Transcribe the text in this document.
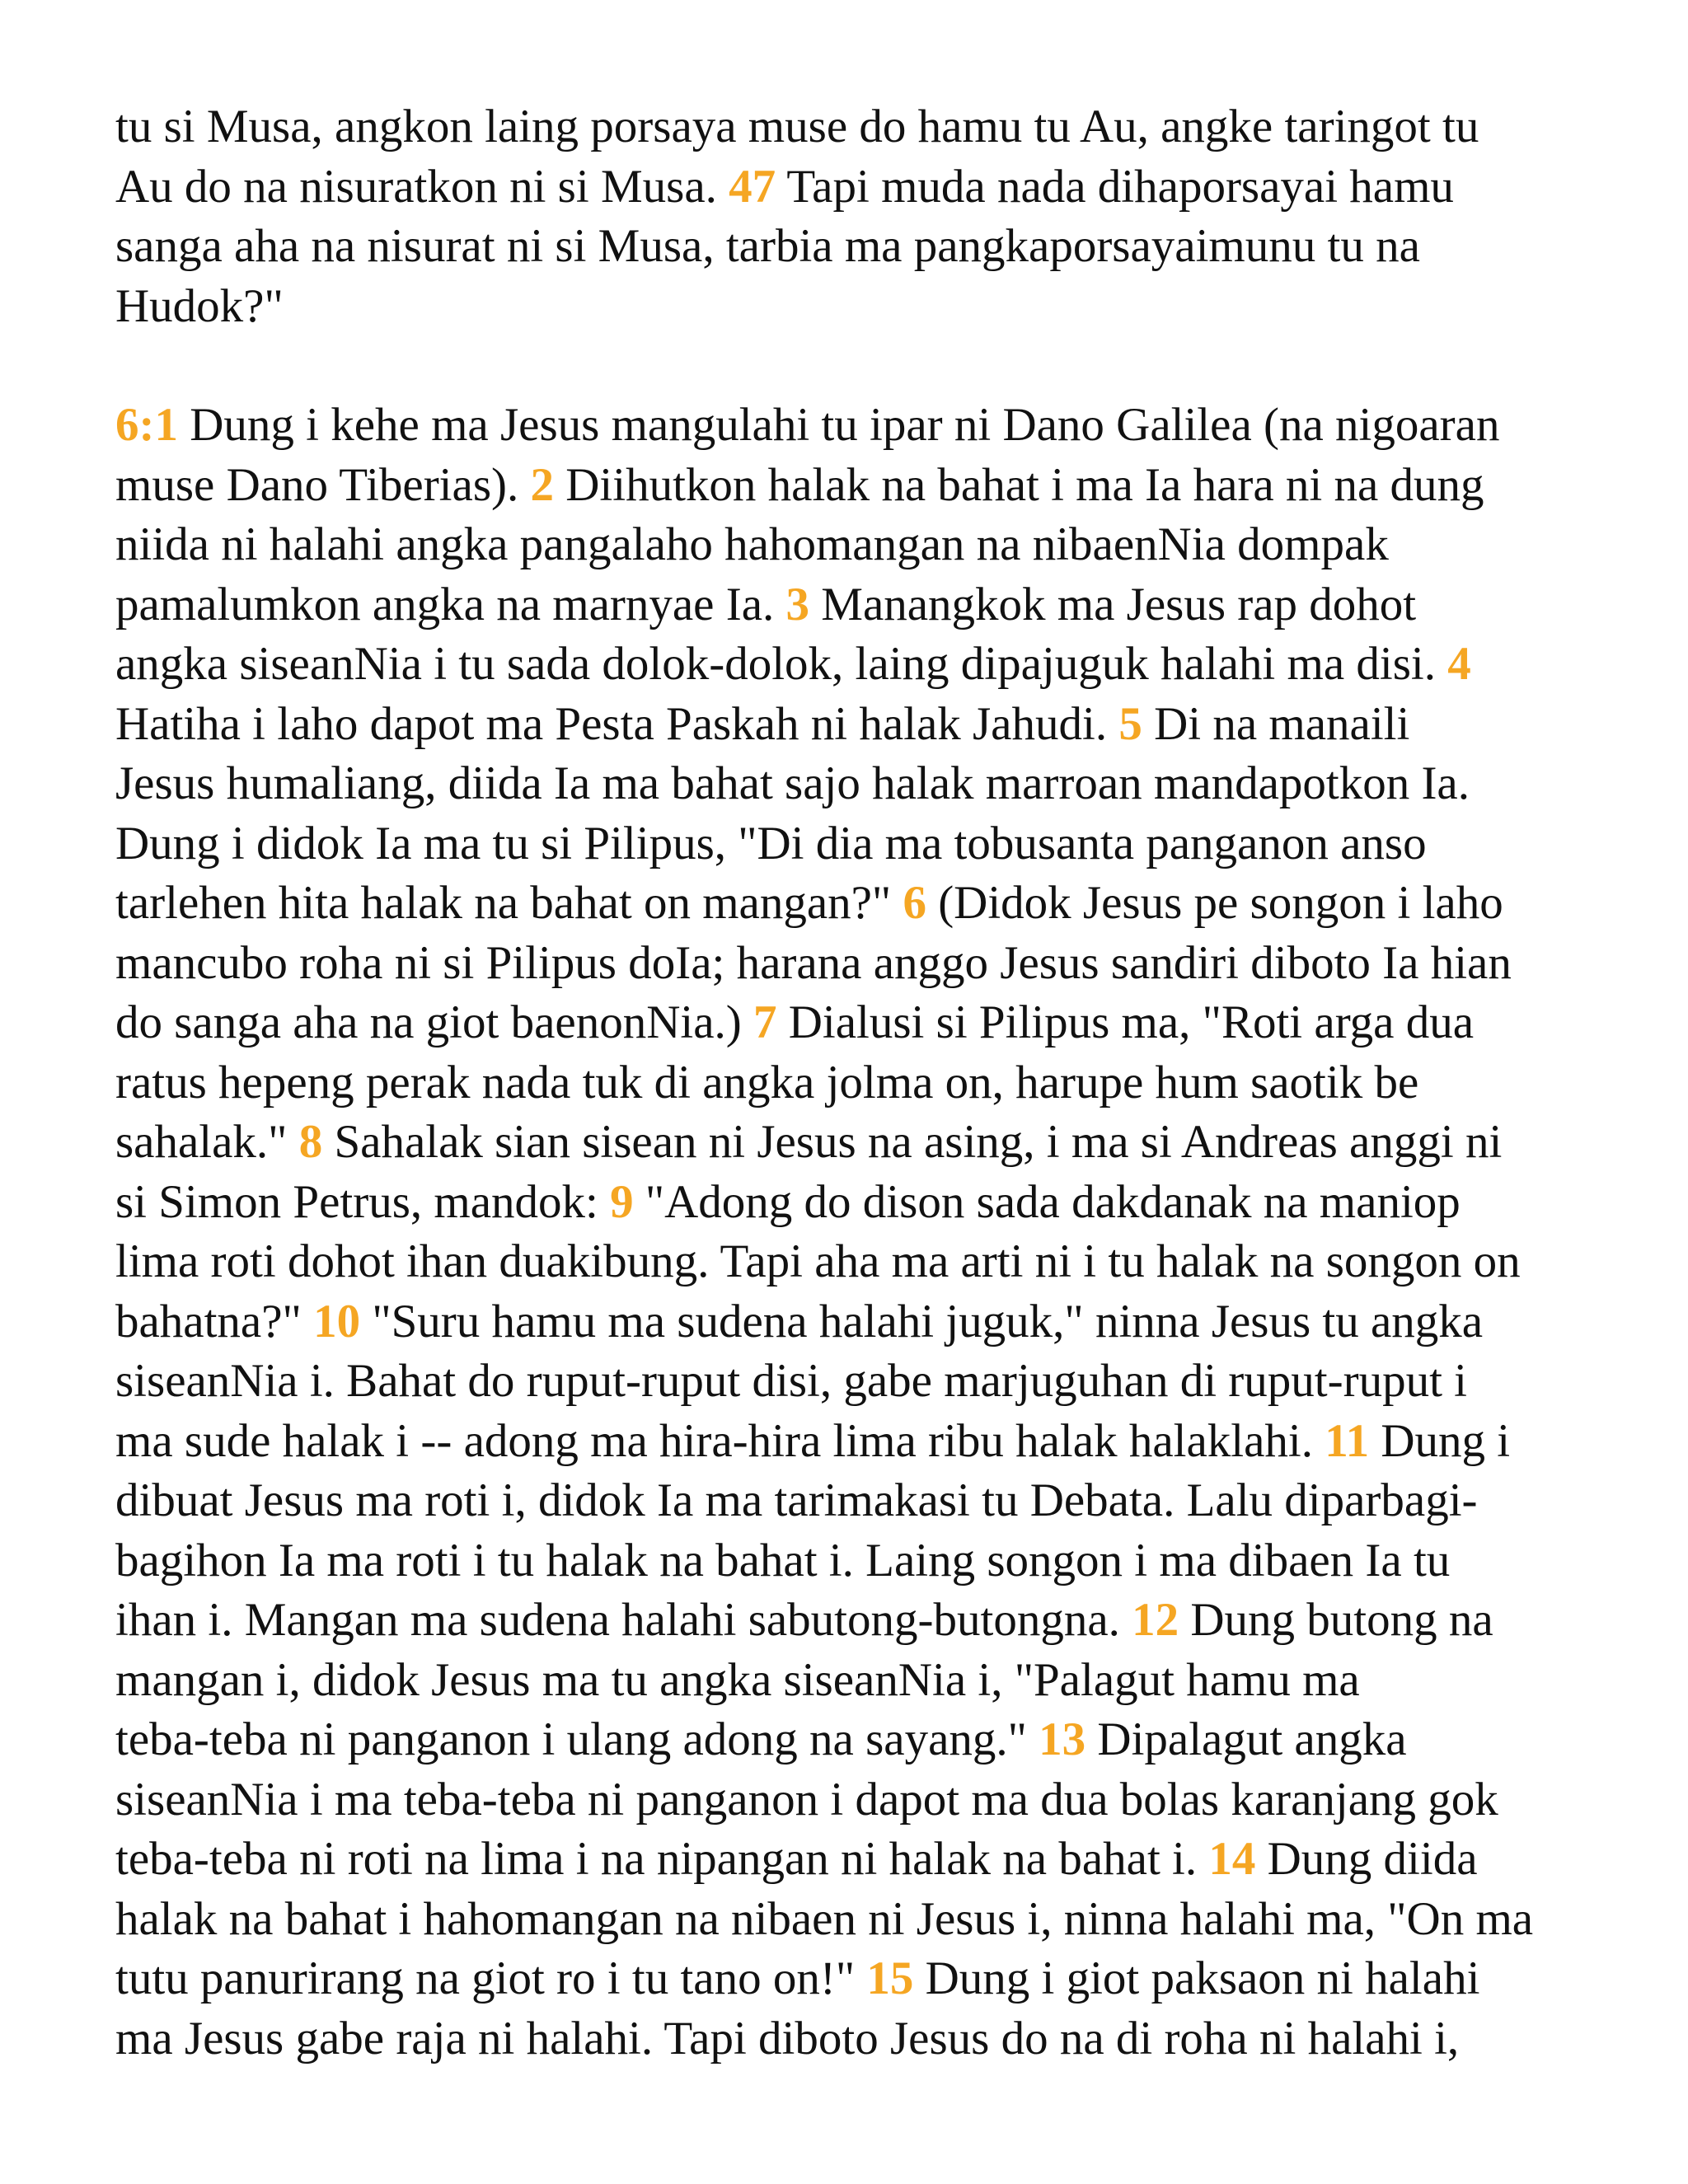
tu si Musa, angkon laing porsaya muse do hamu tu Au, angke taringot tu
Au do na nisuratkon ni si Musa. 47 Tapi muda nada dihaporsayai hamu
sanga aha na nisurat ni si Musa, tarbia ma pangkaporsayaimunu tu na
Hudok?"
6:1 Dung i kehe ma Jesus mangulahi tu ipar ni Dano Galilea (na nigoaran
muse Dano Tiberias). 2 Diihutkon halak na bahat i ma Ia hara ni na dung
niida ni halahi angka pangalaho hahomangan na nibaenNia dompak
pamalumkon angka na marnyae Ia. 3 Manangkok ma Jesus rap dohot
angka siseanNia i tu sada dolok-dolok, laing dipajuguk halahi ma disi. 4
Hatiha i laho dapot ma Pesta Paskah ni halak Jahudi. 5 Di na manaili
Jesus humaliang, diida Ia ma bahat sajo halak marroan mandapotkon Ia.
Dung i didok Ia ma tu si Pilipus, "Di dia ma tobusanta panganon anso
tarlehen hita halak na bahat on mangan?" 6 (Didok Jesus pe songon i laho
mancubo roha ni si Pilipus doIa; harana anggo Jesus sandiri diboto Ia hian
do sanga aha na giot baenonNia.) 7 Dialusi si Pilipus ma, "Roti arga dua
ratus hepeng perak nada tuk di angka jolma on, harupe hum saotik be
sahalak." 8 Sahalak sian sisean ni Jesus na asing, i ma si Andreas anggi ni
si Simon Petrus, mandok: 9 "Adong do dison sada dakdanak na maniop
lima roti dohot ihan duakibung. Tapi aha ma arti ni i tu halak na songon on
bahatna?" 10 "Suru hamu ma sudena halahi juguk," ninna Jesus tu angka
siseanNia i. Bahat do ruput-ruput disi, gabe marjuguhan di ruput-ruput i
ma sude halak i -- adong ma hira-hira lima ribu halak halaklahi. 11 Dung i
dibuat Jesus ma roti i, didok Ia ma tarimakasi tu Debata. Lalu diparbagi-
bagihon Ia ma roti i tu halak na bahat i. Laing songon i ma dibaen Ia tu
ihan i. Mangan ma sudena halahi sabutong-butongna. 12 Dung butong na
mangan i, didok Jesus ma tu angka siseanNia i, "Palagut hamu ma
teba-teba ni panganon i ulang adong na sayang." 13 Dipalagut angka
siseanNia i ma teba-teba ni panganon i dapot ma dua bolas karanjang gok
teba-teba ni roti na lima i na nipangan ni halak na bahat i. 14 Dung diida
halak na bahat i hahomangan na nibaen ni Jesus i, ninna halahi ma, "On ma
tutu panurirang na giot ro i tu tano on!" 15 Dung i giot paksaon ni halahi
ma Jesus gabe raja ni halahi. Tapi diboto Jesus do na di roha ni halahi i,
